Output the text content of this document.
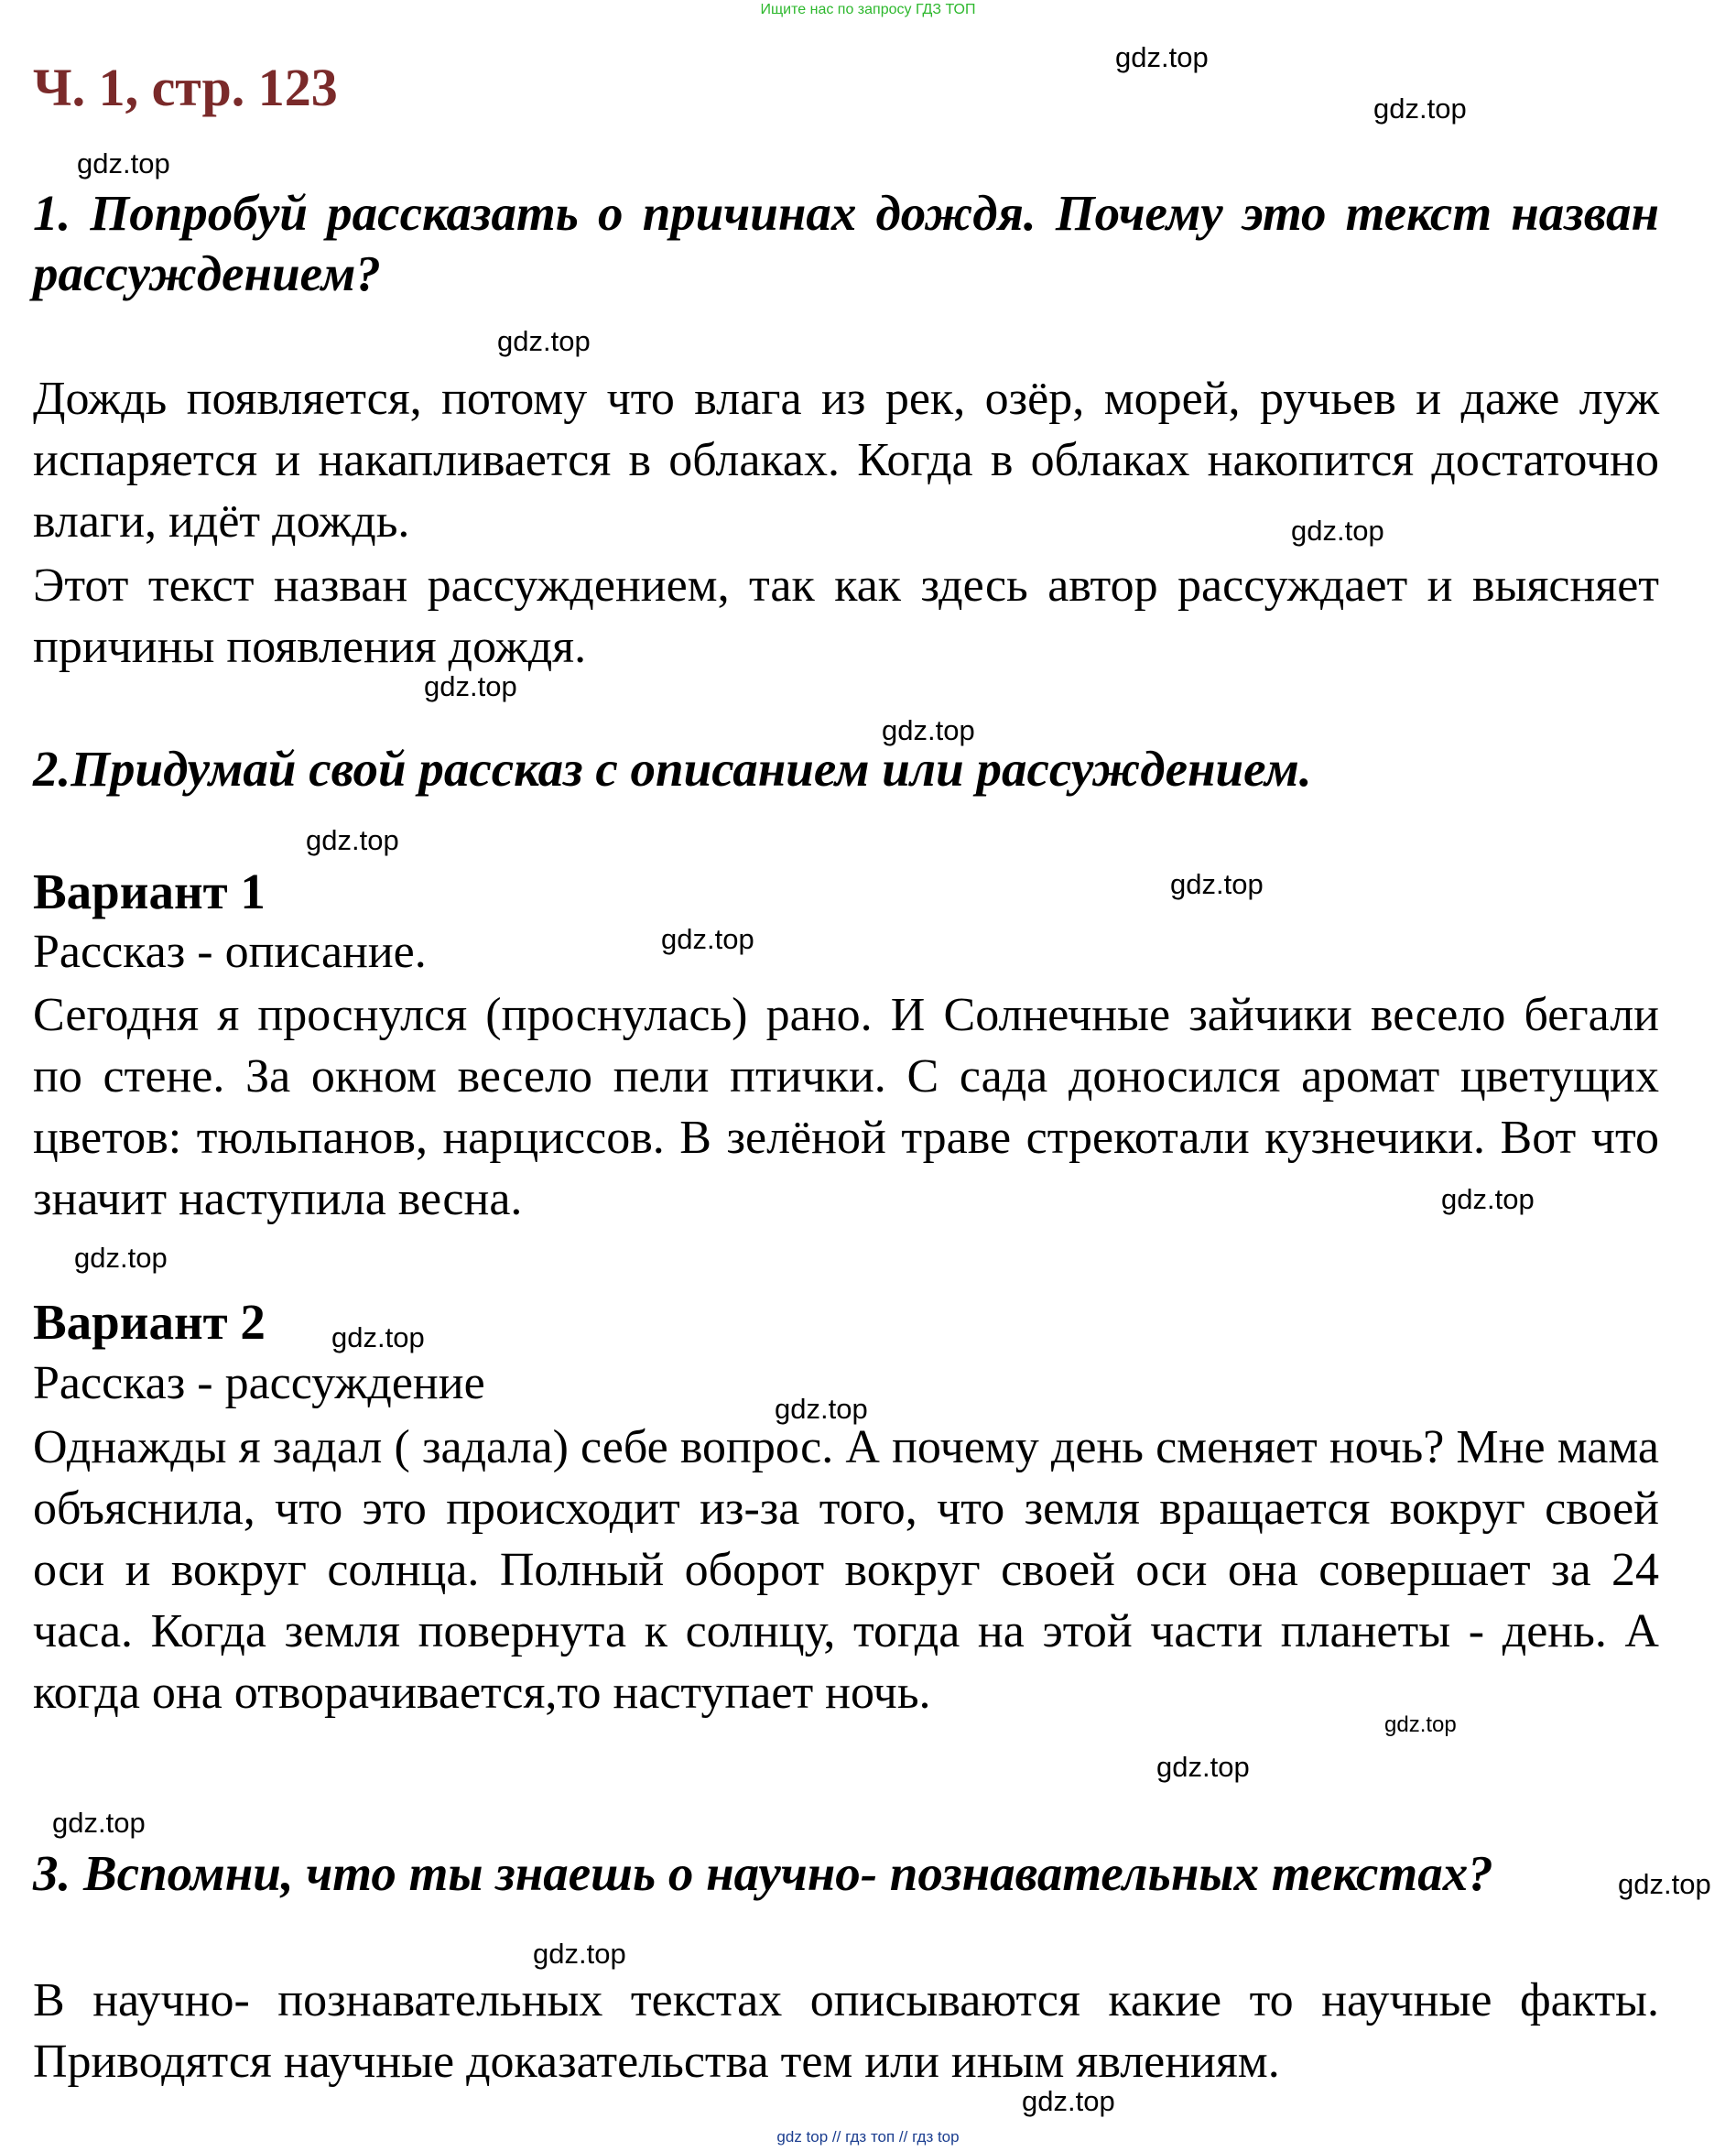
Ищите нас по запросу ГДЗ ТОП
Ч. 1, стр. 123
1. Попробуй рассказать о причинах дождя. Почему это текст назван рассуждением?
Дождь появляется, потому что влага из рек, озёр, морей, ручьев и даже луж испаряется и накапливается в облаках. Когда в облаках накопится достаточно влаги, идёт дождь.
Этот текст назван рассуждением, так как здесь автор рассуждает и выясняет причины появления дождя.
2.Придумай свой рассказ с описанием или рассуждением.
Вариант 1
Рассказ - описание.
Сегодня я проснулся (проснулась) рано. И Солнечные зайчики весело бегали по стене. За окном весело пели птички. С сада доносился аромат цветущих цветов: тюльпанов, нарциссов. В зелёной траве стрекотали кузнечики. Вот что значит наступила весна.
Вариант 2
Рассказ - рассуждение
Однажды я задал ( задала) себе вопрос. А почему день сменяет ночь? Мне мама объяснила, что это происходит из-за того, что земля вращается вокруг своей оси и вокруг солнца. Полный оборот вокруг своей оси она совершает за 24 часа. Когда земля повернута к солнцу, тогда на этой части планеты - день. А когда она отворачивается,то наступает ночь.
3. Вспомни, что ты знаешь о научно- познавательных текстах?
В научно- познавательных текстах описываются какие то научные факты. Приводятся научные доказательства тем или иным явлениям.
gdz.top
gdz.top
gdz.top
gdz.top
gdz.top
gdz.top
gdz.top
gdz.top
gdz.top
gdz.top
gdz.top
gdz.top
gdz.top
gdz.top
gdz.top
gdz.top
gdz.top
gdz.top
gdz.top
gdz.top
gdz top // гдз топ // гдз top
